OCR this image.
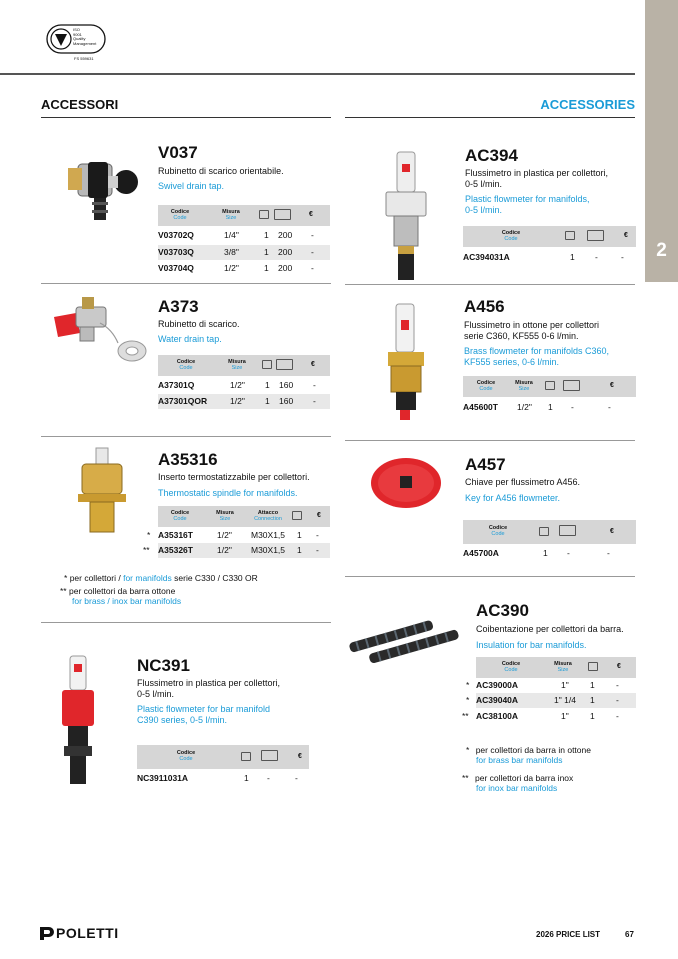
2
ISO
9001
Quality
Management
FS 559631
ACCESSORI	ACCESSORIES
V037
Rubinetto di scarico orientabile.
Swivel drain tap.
Codice
Code
Misura
Size	€
V03702Q	1/4"	1 200 -
V03703Q	3/8"	1 200 -
V03704Q	1/2"	1 200 -
AC394
Flussimetro in plastica per collettori,
0-5 l/min.
Plastic flowmeter for manifolds,
0-5 l/min.
Codice
Code	€
AC394031A	1 -	-
A373
Rubinetto di scarico.
Water drain tap.
Codice
Code
Misura
Size	€
A37301Q	1/2" 1 160 -
A37301QOR	1/2" 1 160 -
A456
Flussimetro in ottone per collettori
serie C360, KF555 0-6 l/min.
Brass flowmeter for manifolds C360,
KF555 series, 0-6 l/min.
Codice
Code
Misura
Size	€
A45600T 1/2" 1 -	-
A35316
Inserto termostatizzabile per collettori.
Thermostatic spindle for manifolds.
Codice
Code
Misura
Size
Attacco
Connection	€
* A35316T	1/2" M30X1,5 1 -
** A35326T	1/2" M30X1,5 1 -
* per collettori / for manifolds serie C330 / C330 OR
** per collettori da barra ottone
for brass / inox bar manifolds
A457
Chiave per flussimetro A456.
Key for A456 flowmeter.
Codice
Code	€
A45700A	1 -	-
AC390
Coibentazione per collettori da barra.
Insulation for bar manifolds.
Codice
Code
Misura
Size	€
* AC39000A	1"	1	-
* AC39040A	1" 1/4 1	-
** AC38100A	1"	1	-
* per collettori da barra in ottone
for brass bar manifolds
** per collettori da barra inox
for inox bar manifolds
NC391
Flussimetro in plastica per collettori,
0-5 l/min.
Plastic flowmeter for bar manifold
C390 series, 0-5 l/min.
Codice
Code	€
NC3911031A	1 -	-
POLETTI	2026 PRICE LIST	67
